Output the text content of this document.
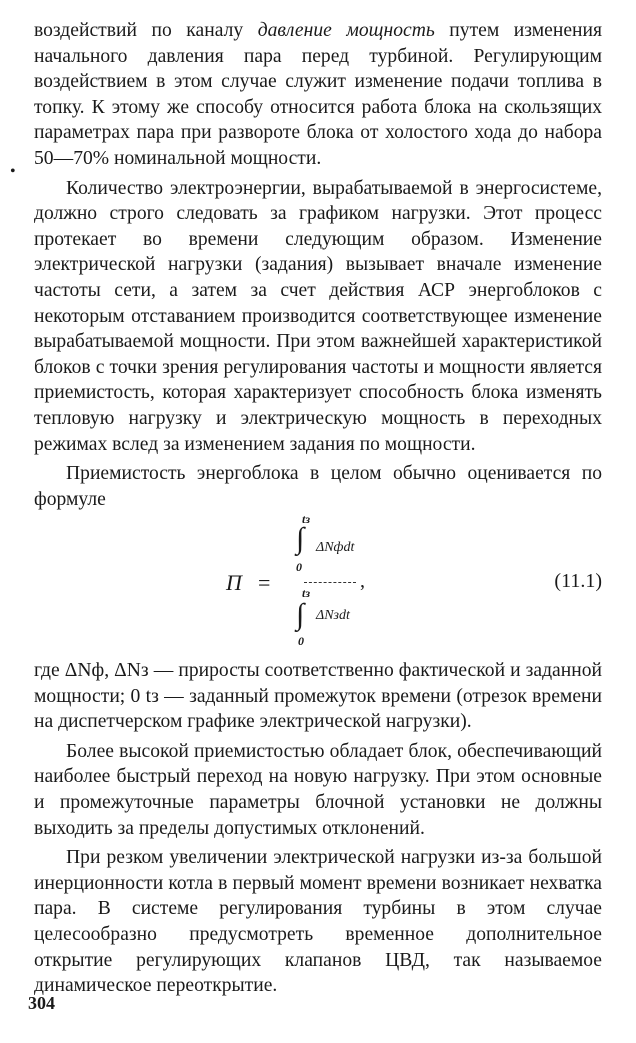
воздействий по каналу давление мощность путем изменения начального давления пара перед турбиной. Регулирующим воздействием в этом случае служит изменение подачи топлива в топку. К этому же способу относится работа блока на скользящих параметрах пара при развороте блока от холостого хода до набора 50—70% номинальной мощности.

Количество электроэнергии, вырабатываемой в энергосистеме, должно строго следовать за графиком нагрузки. Этот процесс протекает во времени следующим образом. Изменение электрической нагрузки (задания) вызывает вначале изменение частоты сети, а затем за счет действия АСР энергоблоков с некоторым отставанием производится соответствующее изменение вырабатываемой мощности. При этом важнейшей характеристикой блоков с точки зрения регулирования частоты и мощности является приемистость, которая характеризует способность блока изменять тепловую нагрузку и электрическую мощность в переходных режимах вслед за изменением задания по мощности.

Приемистость энергоблока в целом обычно оценивается по формуле

•
П =
tз
∫ ΔNфdt
0
,
tз
∫ ΔNзdt
0
(11.1)

где ΔNф, ΔNз — приросты соответственно фактической и заданной мощности; 0 tз — заданный промежуток времени (отрезок времени на диспетчерском графике электрической нагрузки).

Более высокой приемистостью обладает блок, обеспечивающий наиболее быстрый переход на новую нагрузку. При этом основные и промежуточные параметры блочной установки не должны выходить за пределы допустимых отклонений.

При резком увеличении электрической нагрузки из-за большой инерционности котла в первый момент времени возникает нехватка пара. В системе регулирования турбины в этом случае целесообразно предусмотреть временное дополнительное открытие регулирующих клапанов ЦВД, так называемое динамическое переоткрытие.

304
